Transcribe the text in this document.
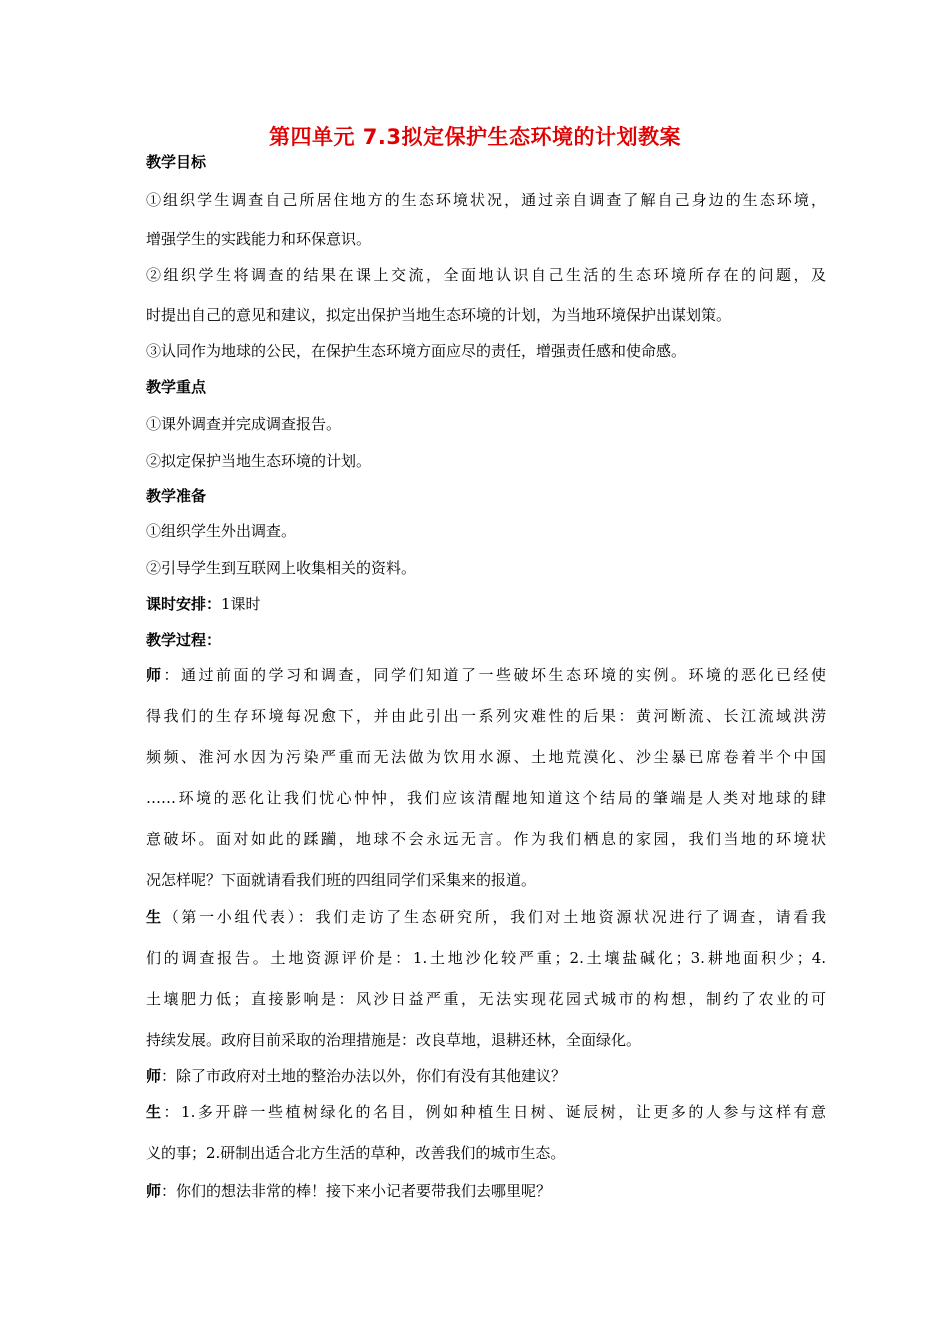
第四单元 7.3拟定保护生态环境的计划教案
教学目标
①组织学生调查自己所居住地方的生态环境状况，通过亲自调查了解自己身边的生态环境，
增强学生的实践能力和环保意识。
②组织学生将调查的结果在课上交流，全面地认识自己生活的生态环境所存在的问题，及
时提出自己的意见和建议，拟定出保护当地生态环境的计划，为当地环境保护出谋划策。
③认同作为地球的公民，在保护生态环境方面应尽的责任，增强责任感和使命感。
教学重点
①课外调查并完成调查报告。
②拟定保护当地生态环境的计划。
教学准备
①组织学生外出调查。
②引导学生到互联网上收集相关的资料。
课时安排：1课时
教学过程：
师：通过前面的学习和调查，同学们知道了一些破坏生态环境的实例。环境的恶化已经使
得我们的生存环境每况愈下，并由此引出一系列灾难性的后果：黄河断流、长江流域洪涝
频频、淮河水因为污染严重而无法做为饮用水源、土地荒漠化、沙尘暴已席卷着半个中国
……环境的恶化让我们忧心忡忡，我们应该清醒地知道这个结局的肇端是人类对地球的肆
意破坏。面对如此的蹂躏，地球不会永远无言。作为我们栖息的家园，我们当地的环境状
况怎样呢？下面就请看我们班的四组同学们采集来的报道。
生（第一小组代表）：我们走访了生态研究所，我们对土地资源状况进行了调查，请看我
们的调查报告。土地资源评价是：1.土地沙化较严重；2.土壤盐碱化；3.耕地面积少；4.
土壤肥力低；直接影响是：风沙日益严重，无法实现花园式城市的构想，制约了农业的可
持续发展。政府目前采取的治理措施是：改良草地，退耕还林，全面绿化。
师：除了市政府对土地的整治办法以外，你们有没有其他建议？
生：1.多开辟一些植树绿化的名目，例如种植生日树、诞辰树，让更多的人参与这样有意
义的事；2.研制出适合北方生活的草种，改善我们的城市生态。
师：你们的想法非常的棒！接下来小记者要带我们去哪里呢？
